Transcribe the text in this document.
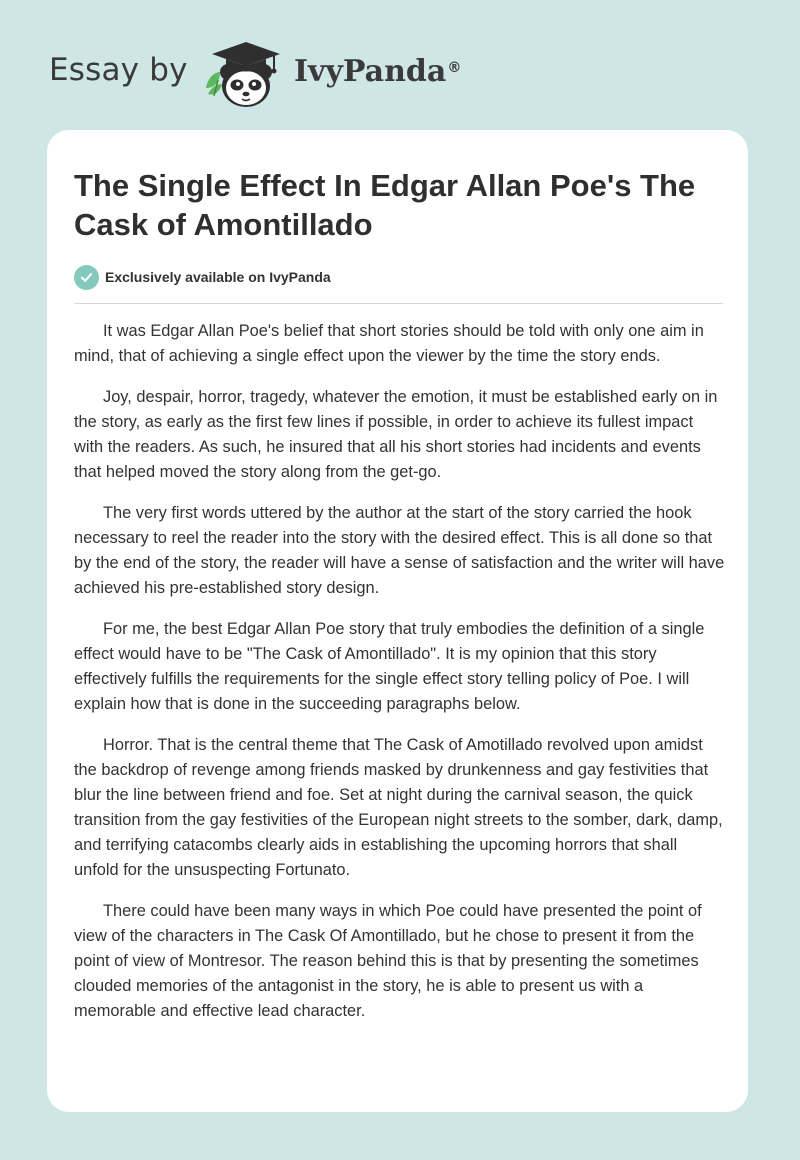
Essay by	IvyPanda®
The Single Effect In Edgar Allan Poe's The Cask of Amontillado
Exclusively available on IvyPanda

It was Edgar Allan Poe's belief that short stories should be told with only one aim in mind, that of achieving a single effect upon the viewer by the time the story ends.

Joy, despair, horror, tragedy, whatever the emotion, it must be established early on in the story, as early as the first few lines if possible, in order to achieve its fullest impact with the readers. As such, he insured that all his short stories had incidents and events that helped moved the story along from the get-go.

The very first words uttered by the author at the start of the story carried the hook necessary to reel the reader into the story with the desired effect. This is all done so that by the end of the story, the reader will have a sense of satisfaction and the writer will have achieved his pre-established story design.

For me, the best Edgar Allan Poe story that truly embodies the definition of a single effect would have to be "The Cask of Amontillado". It is my opinion that this story effectively fulfills the requirements for the single effect story telling policy of Poe. I will explain how that is done in the succeeding paragraphs below.

Horror. That is the central theme that The Cask of Amotillado revolved upon amidst the backdrop of revenge among friends masked by drunkenness and gay festivities that blur the line between friend and foe. Set at night during the carnival season, the quick transition from the gay festivities of the European night streets to the somber, dark, damp, and terrifying catacombs clearly aids in establishing the upcoming horrors that shall unfold for the unsuspecting Fortunato.

There could have been many ways in which Poe could have presented the point of view of the characters in The Cask Of Amontillado, but he chose to present it from the point of view of Montresor. The reason behind this is that by presenting the sometimes clouded memories of the antagonist in the story, he is able to present us with a memorable and effective lead character.
